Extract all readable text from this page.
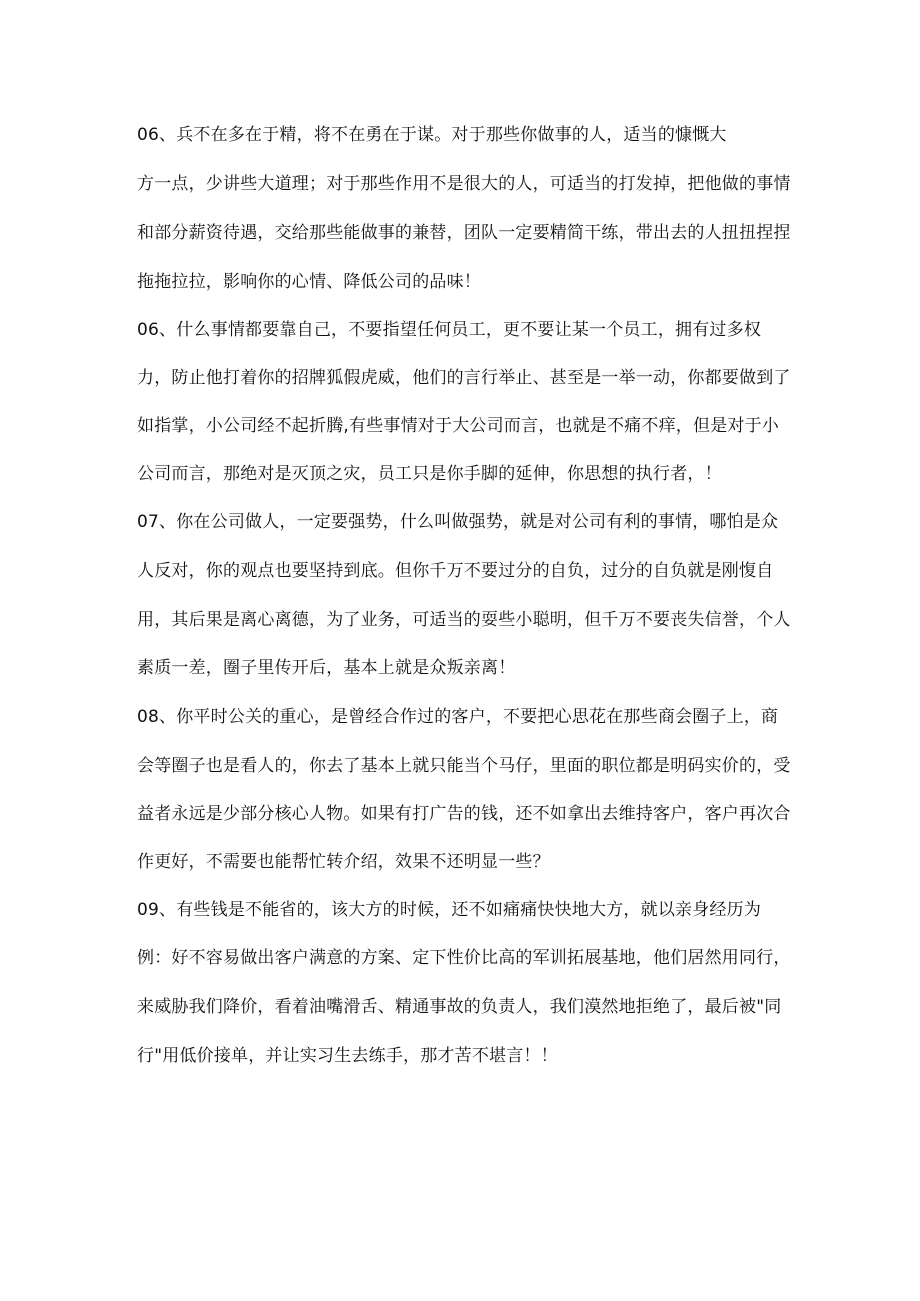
06、兵不在多在于精，将不在勇在于谋。对于那些你做事的人，适当的慷慨大
方一点，少讲些大道理；对于那些作用不是很大的人，可适当的打发掉，把他做的事情
和部分薪资待遇，交给那些能做事的兼替，团队一定要精简干练，带出去的人扭扭捏捏
拖拖拉拉，影响你的心情、降低公司的品味！
06、什么事情都要靠自己，不要指望任何员工，更不要让某一个员工，拥有过多权
力，防止他打着你的招牌狐假虎威，他们的言行举止、甚至是一举一动，你都要做到了
如指掌，小公司经不起折腾,有些事情对于大公司而言，也就是不痛不痒，但是对于小
公司而言，那绝对是灭顶之灾，员工只是你手脚的延伸，你思想的执行者，！
07、你在公司做人，一定要强势，什么叫做强势，就是对公司有利的事情，哪怕是众
人反对，你的观点也要坚持到底。但你千万不要过分的自负，过分的自负就是刚愎自
用，其后果是离心离德，为了业务，可适当的耍些小聪明，但千万不要丧失信誉，个人
素质一差，圈子里传开后，基本上就是众叛亲离！
08、你平时公关的重心，是曾经合作过的客户，不要把心思花在那些商会圈子上，商
会等圈子也是看人的，你去了基本上就只能当个马仔，里面的职位都是明码实价的，受
益者永远是少部分核心人物。如果有打广告的钱，还不如拿出去维持客户，客户再次合
作更好，不需要也能帮忙转介绍，效果不还明显一些？
09、有些钱是不能省的，该大方的时候，还不如痛痛快快地大方，就以亲身经历为
例：好不容易做出客户满意的方案、定下性价比高的军训拓展基地，他们居然用同行，
来威胁我们降价，看着油嘴滑舌、精通事故的负责人，我们漠然地拒绝了，最后被"同
行"用低价接单，并让实习生去练手，那才苦不堪言！！
